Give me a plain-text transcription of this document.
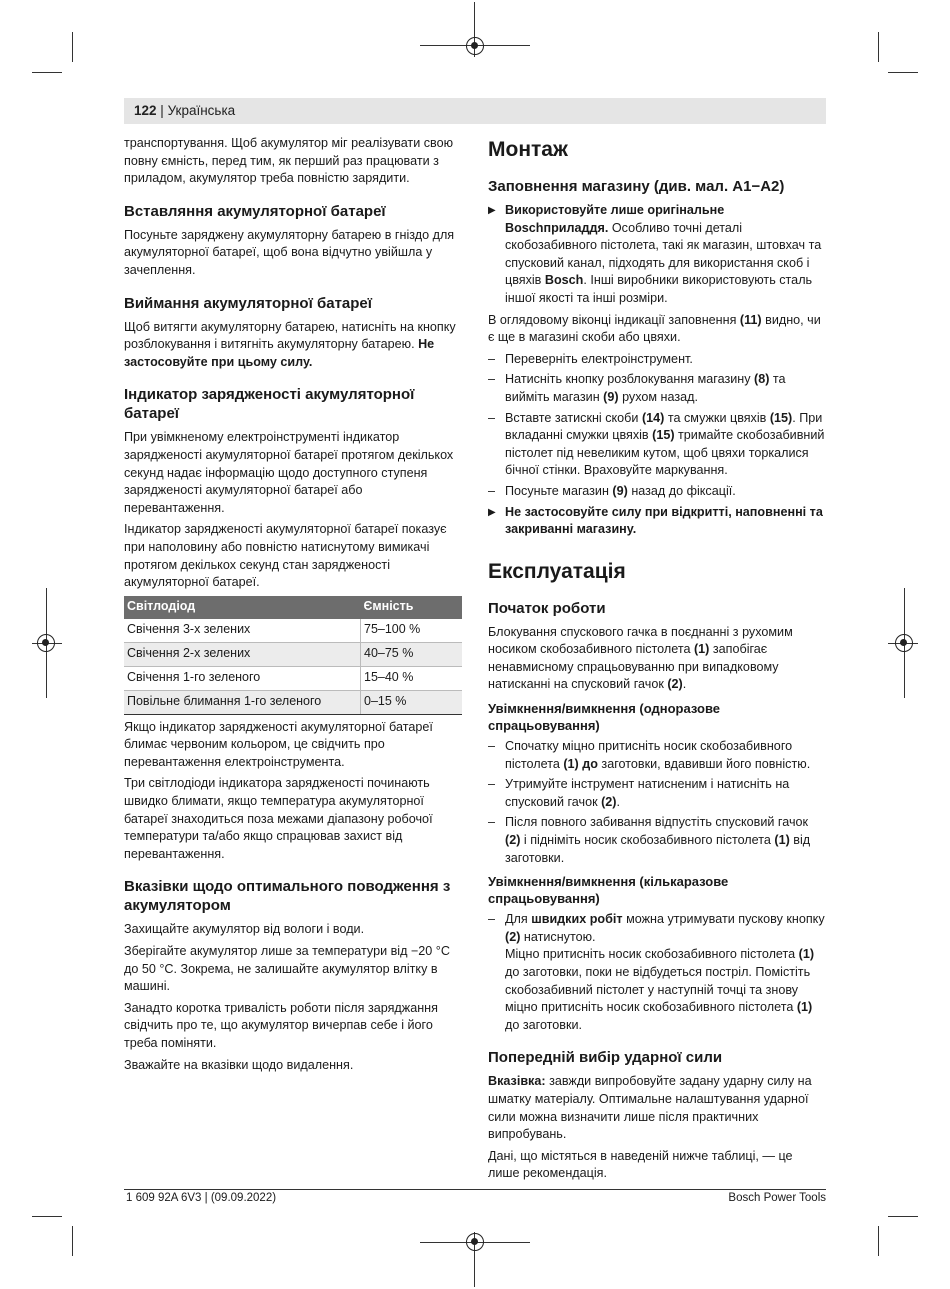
122 | Українська

транспортування. Щоб акумулятор міг реалізувати свою повну ємність, перед тим, як перший раз працювати з приладом, акумулятор треба повністю зарядити.

Вставляння акумуляторної батареї

Посуньте заряджену акумуляторну батарею в гніздо для акумуляторної батареї, щоб вона відчутно увійшла у зачеплення.

Виймання акумуляторної батареї

Щоб витягти акумуляторну батарею, натисніть на кнопку розблокування і витягніть акумуляторну батарею. Не застосовуйте при цьому силу.

Індикатор зарядженості акумуляторної батареї

При увімкненому електроінструменті індикатор зарядженості акумуляторної батареї протягом декількох секунд надає інформацію щодо доступного ступеня зарядженості акумуляторної батареї або перевантаження.

Індикатор зарядженості акумуляторної батареї показує при наполовину або повністю натиснутому вимикачі протягом декількох секунд стан зарядженості акумуляторної батареї.

Світлодіод	Ємність
Свічення 3-х зелених	75–100 %
Свічення 2-х зелених	40–75 %
Свічення 1-го зеленого	15–40 %
Повільне блимання 1-го зеленого	0–15 %

Якщо індикатор зарядженості акумуляторної батареї блимає червоним кольором, це свідчить про перевантаження електроінструмента.

Три світлодіоди індикатора зарядженості починають швидко блимати, якщо температура акумуляторної батареї знаходиться поза межами діапазону робочої температури та/або якщо спрацював захист від перевантаження.

Вказівки щодо оптимального поводження з акумулятором

Захищайте акумулятор від вологи і води.

Зберігайте акумулятор лише за температури від −20 °C до 50 °C. Зокрема, не залишайте акумулятор влітку в машині.

Занадто коротка тривалість роботи після заряджання свідчить про те, що акумулятор вичерпав себе і його треба поміняти.

Зважайте на вказівки щодо видалення.

Монтаж
Заповнення магазину (див. мал. A1−A2)
▶ Використовуйте лише оригінальне Boschприладдя. Особливо точні деталі скобозабивного пістолета, такі як магазин, штовхач та спусковий канал, підходять для використання скоб і цвяхів Bosch. Інші виробники використовують сталь іншої якості та інші розміри.

В оглядовому віконці індикації заповнення (11) видно, чи є ще в магазині скоби або цвяхи.

– Переверніть електроінструмент.
– Натисніть кнопку розблокування магазину (8) та вийміть магазин (9) рухом назад.
– Вставте затискні скоби (14) та смужки цвяхів (15). При вкладанні смужки цвяхів (15) тримайте скобозабивний пістолет під невеликим кутом, щоб цвяхи торкалися бічної стінки. Враховуйте маркування.
– Посуньте магазин (9) назад до фіксації.
▶ Не застосовуйте силу при відкритті, наповненні та закриванні магазину.
Експлуатація
Початок роботи

Блокування спускового гачка в поєднанні з рухомим носиком скобозабивного пістолета (1) запобігає ненавмисному спрацьовуванню при випадковому натисканні на спусковий гачок (2).

Увімкнення/вимкнення (одноразове спрацьовування)
– Спочатку міцно притисніть носик скобозабивного пістолета (1) до заготовки, вдавивши його повністю.
– Утримуйте інструмент натисненим і натисніть на спусковий гачок (2).
– Після повного забивання відпустіть спусковий гачок (2) і підніміть носик скобозабивного пістолета (1) від заготовки.
Увімкнення/вимкнення (кількаразове спрацьовування)
– Для швидких робіт можна утримувати пускову кнопку (2) натиснутою.
Міцно притисніть носик скобозабивного пістолета (1) до заготовки, поки не відбудеться постріл. Помістіть скобозабивний пістолет у наступній точці та знову міцно притисніть носик скобозабивного пістолета (1) до заготовки.
Попередній вибір ударної сили

Вказівка: завжди випробовуйте задану ударну силу на шматку матеріалу. Оптимальне налаштування ударної сили можна визначити лише після практичних випробувань.

Дані, що містяться в наведеній нижче таблиці, — це лише рекомендація.

1 609 92A 6V3 | (09.09.2022)	Bosch Power Tools
